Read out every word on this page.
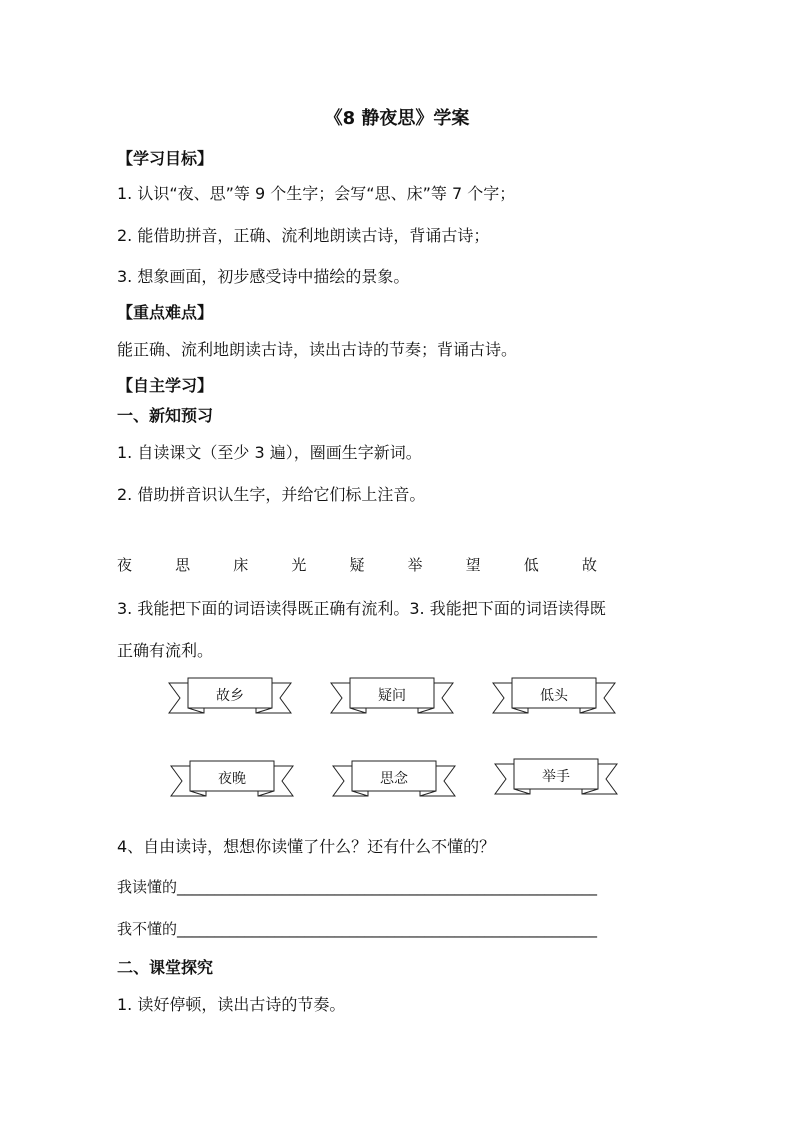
《8 静夜思》学案
【学习目标】
1. 认识“夜、思”等 9 个生字；会写“思、床”等 7 个字；
2. 能借助拼音，正确、流利地朗读古诗，背诵古诗；
3. 想象画面，初步感受诗中描绘的景象。
【重点难点】
能正确、流利地朗读古诗，读出古诗的节奏；背诵古诗。
【自主学习】
一、新知预习
1. 自读课文（至少 3 遍），圈画生字新词。
2. 借助拼音识认生字，并给它们标上注音。
夜	思	床	光	疑	举	望	低	故
3. 我能把下面的词语读得既正确有流利。3. 我能把下面的词语读得既
正确有流利。
故乡	疑问	低头
夜晚	思念	举手
4、自由读诗，想想你读懂了什么？还有什么不懂的？
我读懂的________________________________________________________
我不懂的________________________________________________________
二、课堂探究
1. 读好停顿，读出古诗的节奏。
